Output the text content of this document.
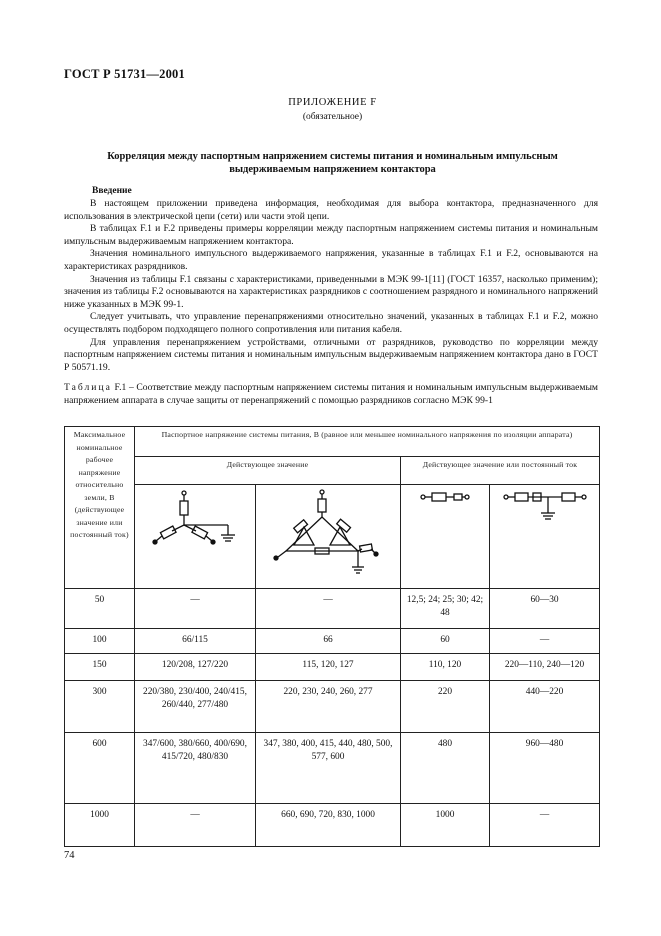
ГОСТ Р 51731—2001
ПРИЛОЖЕНИЕ F
(обязательное)
Корреляция между паспортным напряжением системы питания и номинальным импульсным выдерживаемым напряжением контактора
Введение

В настоящем приложении приведена информация, необходимая для выбора контактора, предназначенного для использования в электрической цепи (сети) или части этой цепи.

В таблицах F.1 и F.2 приведены примеры корреляции между паспортным напряжением системы питания и номинальным импульсным выдерживаемым напряжением контактора.

Значения номинального импульсного выдерживаемого напряжения, указанные в таблицах F.1 и F.2, основываются на характеристиках разрядников.

Значения из таблицы F.1 связаны с характеристиками, приведенными в МЭК 99-1[11] (ГОСТ 16357, насколько применим); значения из таблицы F.2 основываются на характеристиках разрядников с соотношением разрядного и номинального напряжений ниже указанных в МЭК 99-1.

Следует учитывать, что управление перенапряжениями относительно значений, указанных в таблицах F.1 и F.2, можно осуществлять подбором подходящего полного сопротивления или питания кабеля.

Для управления перенапряжением устройствами, отличными от разрядников, руководство по корреляции между паспортным напряжением системы питания и номинальным импульсным выдерживаемым напряжением контактора дано в ГОСТ Р 50571.19.

Таблица F.1 – Соответствие между паспортным напряжением системы питания и номинальным импульсным выдерживаемым напряжением аппарата в случае защиты от перенапряжений с помощью разрядников согласно МЭК 99-1
Максимальное номинальное рабочее напряжение относительно земли, В (действующее значение или постоянный ток)	Паспортное напряжение системы питания, В (равное или меньшее номинального напряжения по изоляции аппарата)			
	Действующее значение		Действующее значение или постоянный ток	

50	—	—	12,5; 24; 25; 30; 42; 48	60—30
100	66/115	66	60	—
150	120/208, 127/220	115, 120, 127	110, 120	220—110, 240—120
300	220/380, 230/400, 240/415, 260/440, 277/480	220, 230, 240, 260, 277	220	440—220
600	347/600, 380/660, 400/690, 415/720, 480/830	347, 380, 400, 415, 440, 480, 500, 577, 600	480	960—480
1000	—	660, 690, 720, 830, 1000	1000	—
74
